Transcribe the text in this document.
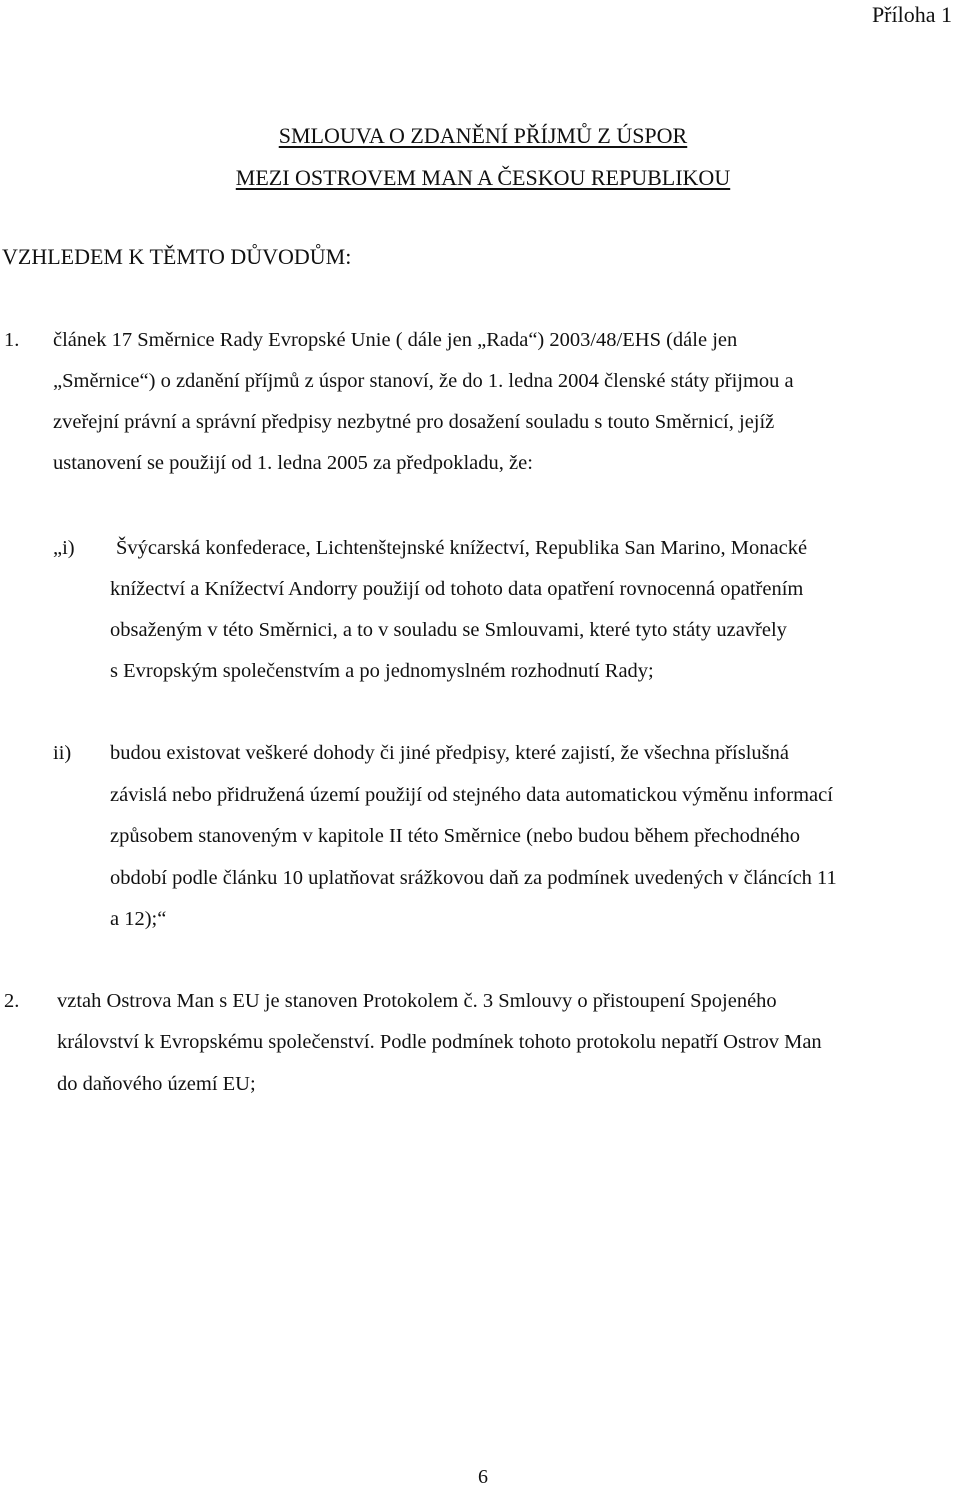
Příloha 1
SMLOUVA O ZDANĚNÍ PŘÍJMŮ Z ÚSPOR
MEZI OSTROVEM MAN A ČESKOU REPUBLIKOU
VZHLEDEM K TĚMTO DŮVODŮM:
1. článek 17 Směrnice Rady Evropské Unie ( dále jen „Rada“) 2003/48/EHS (dále jen
„Směrnice“) o zdanění příjmů z úspor stanoví, že do 1. ledna 2004 členské státy přijmou a
zveřejní právní a správní předpisy nezbytné pro dosažení souladu s touto Směrnicí, jejíž
ustanovení se použijí od 1. ledna 2005 za předpokladu, že:
„i) Švýcarská konfederace, Lichtenštejnské knížectví, Republika San Marino, Monacké
knížectví a Knížectví Andorry použijí od tohoto data opatření rovnocenná opatřením
obsaženým v této Směrnici, a to v souladu se Smlouvami, které tyto státy uzavřely
s Evropským společenstvím a po jednomyslném rozhodnutí Rady;
ii) budou existovat veškeré dohody či jiné předpisy, které zajistí, že všechna příslušná
závislá nebo přidružená území použijí od stejného data automatickou výměnu informací
způsobem stanoveným v kapitole II této Směrnice (nebo budou během přechodného
období podle článku 10 uplatňovat srážkovou daň za podmínek uvedených v článcích 11
a 12);“
2. vztah Ostrova Man s EU je stanoven Protokolem č. 3 Smlouvy o přistoupení Spojeného
království k Evropskému společenství. Podle podmínek tohoto protokolu nepatří Ostrov Man
do daňového území EU;
6
